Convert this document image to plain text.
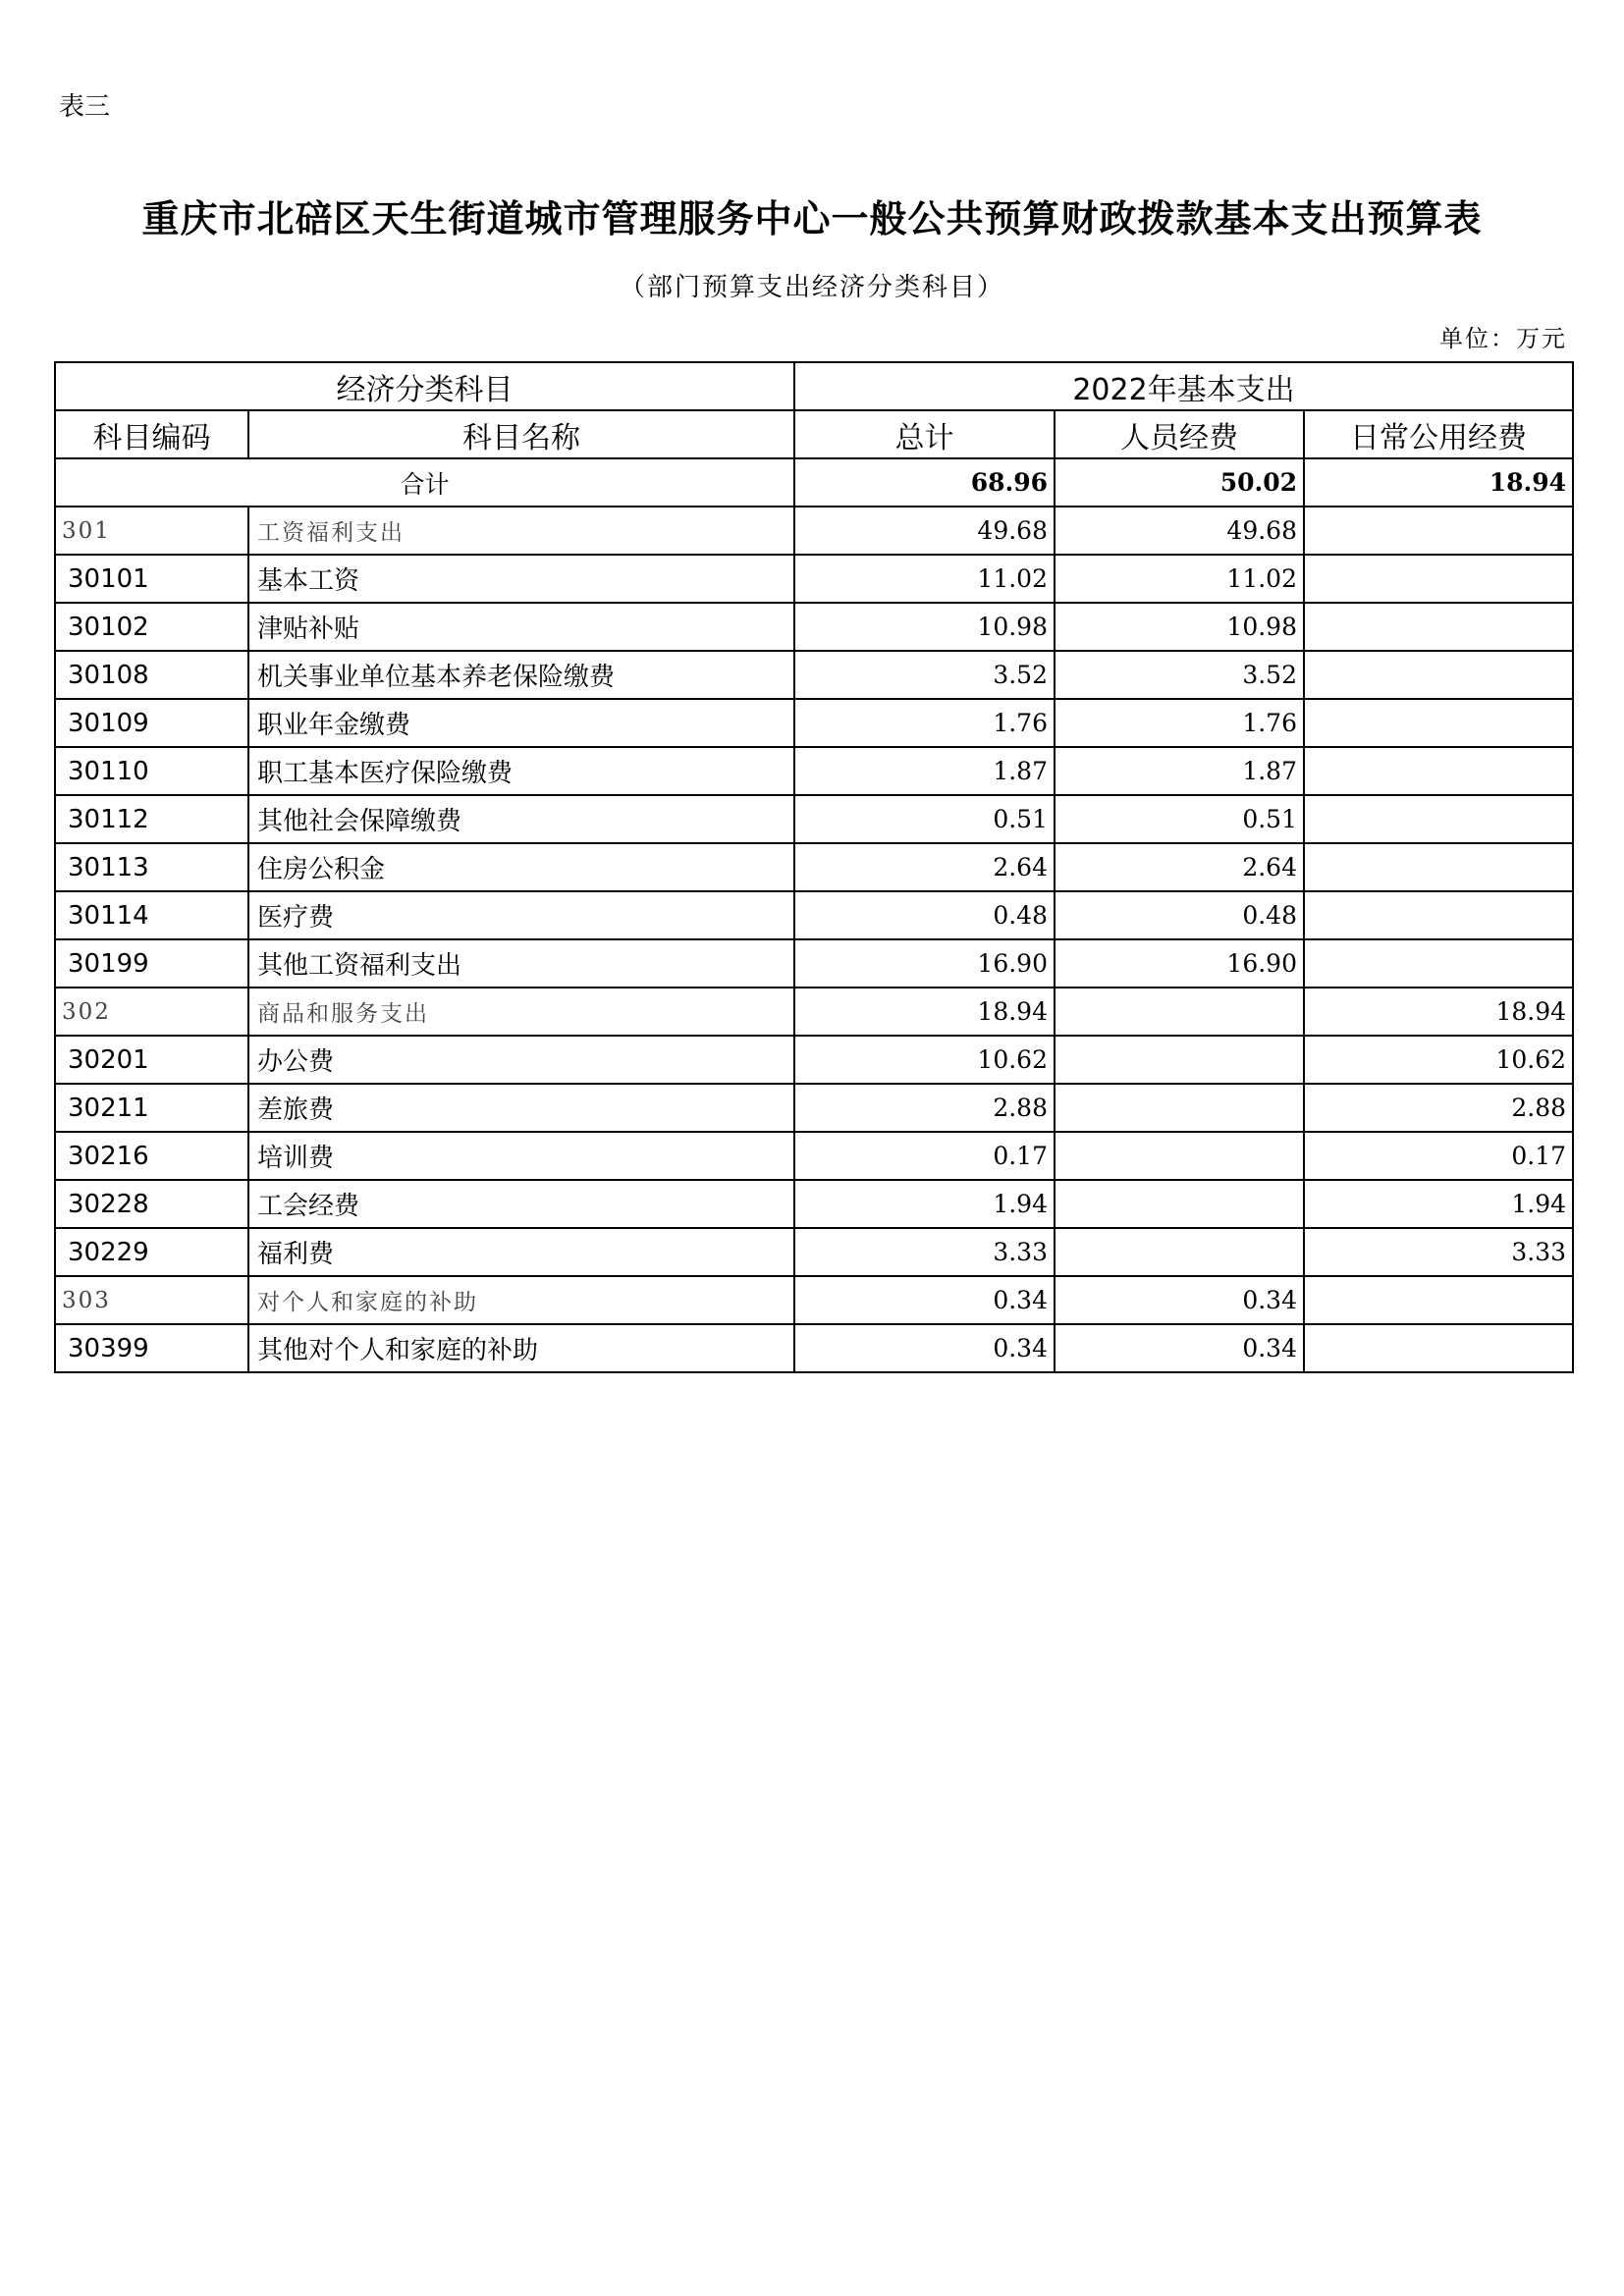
表三
重庆市北碚区天生街道城市管理服务中心一般公共预算财政拨款基本支出预算表
（部门预算支出经济分类科目）
单位：万元
经济分类科目		2022年基本支出		
科目编码	科目名称	总计	人员经费	日常公用经费
合计		68.96	50.02	18.94
301	工资福利支出	49.68	49.68	
30101	基本工资	11.02	11.02	
30102	津贴补贴	10.98	10.98	
30108	机关事业单位基本养老保险缴费	3.52	3.52	
30109	职业年金缴费	1.76	1.76	
30110	职工基本医疗保险缴费	1.87	1.87	
30112	其他社会保障缴费	0.51	0.51	
30113	住房公积金	2.64	2.64	
30114	医疗费	0.48	0.48	
30199	其他工资福利支出	16.90	16.90	
302	商品和服务支出	18.94		18.94
30201	办公费	10.62		10.62
30211	差旅费	2.88		2.88
30216	培训费	0.17		0.17
30228	工会经费	1.94		1.94
30229	福利费	3.33		3.33
303	对个人和家庭的补助	0.34	0.34	
30399	其他对个人和家庭的补助	0.34	0.34	
